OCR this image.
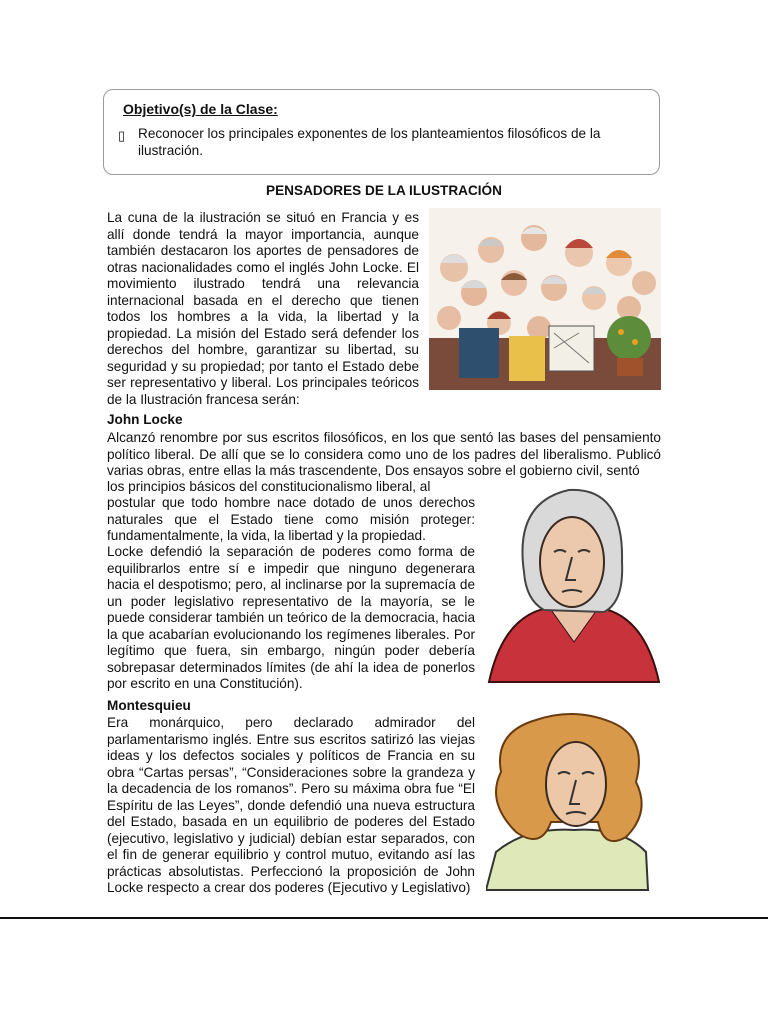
Objetivo(s) de la Clase:
▯ Reconocer los principales exponentes de los planteamientos filosóficos de la ilustración.
PENSADORES DE LA ILUSTRACIÓN

La cuna de la ilustración se situó en Francia y es allí donde tendrá la mayor importancia, aunque también destacaron los aportes de pensadores de otras nacionalidades como el inglés John Locke. El movimiento ilustrado tendrá una relevancia internacional basada en el derecho que tienen todos los hombres a la vida, la libertad y la propiedad. La misión del Estado será defender los derechos del hombre, garantizar su libertad, su seguridad y su propiedad; por tanto el Estado debe ser representativo y liberal. Los principales teóricos de la Ilustración francesa serán:

John Locke

Alcanzó renombre por sus escritos filosóficos, en los que sentó las bases del pensamiento político liberal. De allí que se lo considera como uno de los padres del liberalismo. Publicó varias obras, entre ellas la más trascendente, Dos ensayos sobre el gobierno civil, sentó

los principios básicos del constitucionalismo liberal, al

postular que todo hombre nace dotado de unos derechos naturales que el Estado tiene como misión proteger: fundamentalmente, la vida, la libertad y la propiedad.

Locke defendió la separación de poderes como forma de equilibrarlos entre sí e impedir que ninguno degenerara hacia el despotismo; pero, al inclinarse por la supremacía de un poder legislativo representativo de la mayoría, se le puede considerar también un teórico de la democracia, hacia la que acabarían evolucionando los regímenes liberales. Por legítimo que fuera, sin embargo, ningún poder debería sobrepasar determinados límites (de ahí la idea de ponerlos por escrito en una Constitución).

Montesquieu

Era monárquico, pero declarado admirador del parlamentarismo inglés. Entre sus escritos satirizó las viejas ideas y los defectos sociales y políticos de Francia en su obra “Cartas persas”, “Consideraciones sobre la grandeza y la decadencia de los romanos”. Pero su máxima obra fue “El Espíritu de las Leyes”, donde defendió una nueva estructura del Estado, basada en un equilibrio de poderes del Estado (ejecutivo, legislativo y judicial) debían estar separados, con el fin de generar equilibrio y control mutuo, evitando así las prácticas absolutistas. Perfeccionó la proposición de John Locke respecto a crear dos poderes (Ejecutivo y Legislativo)
